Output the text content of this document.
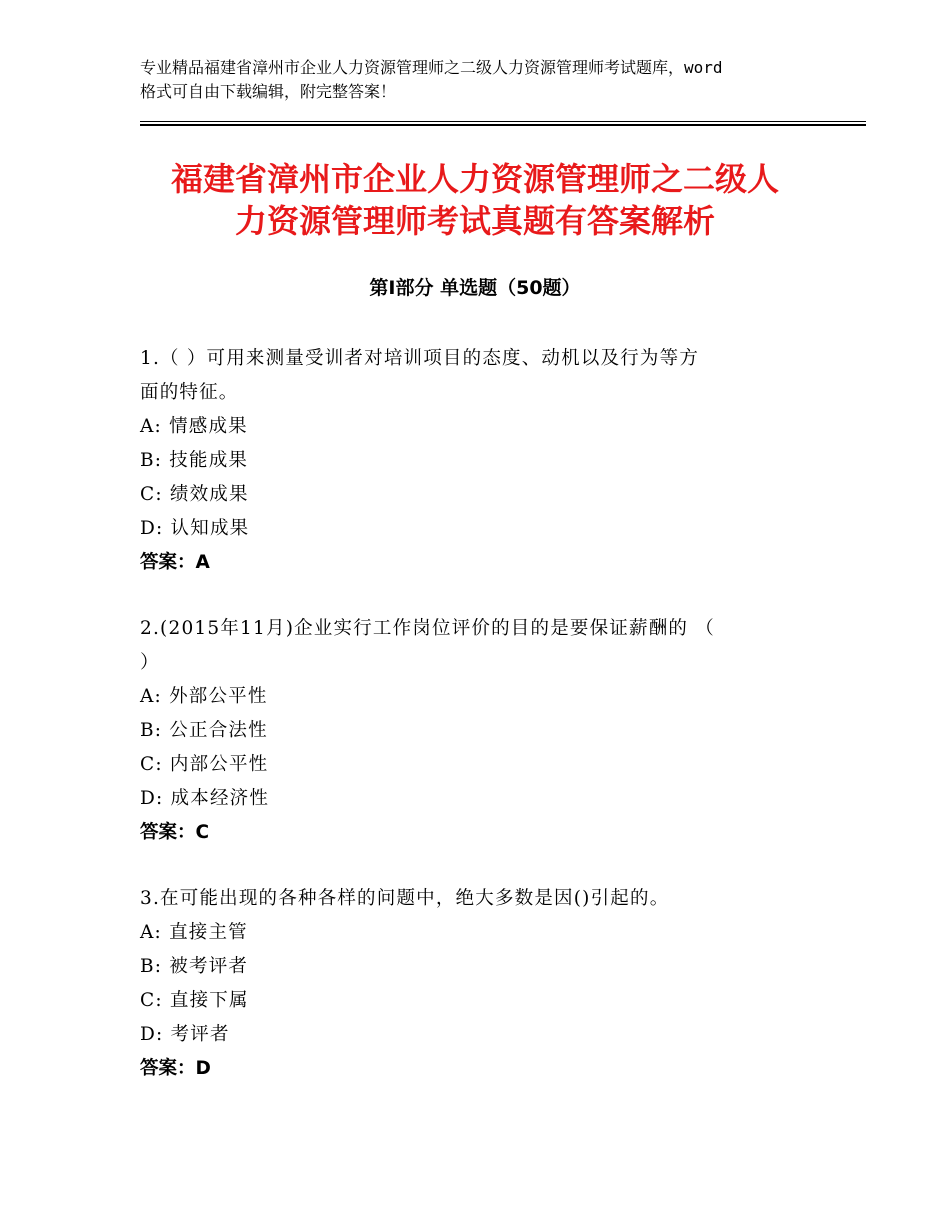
专业精品福建省漳州市企业人力资源管理师之二级人力资源管理师考试题库，word
格式可自由下载编辑，附完整答案！
福建省漳州市企业人力资源管理师之二级人
力资源管理师考试真题有答案解析
第Ⅰ部分 单选题（50题）
1.（ ）可用来测量受训者对培训项目的态度、动机以及行为等方
面的特征。
A: 情感成果
B: 技能成果
C: 绩效成果
D: 认知成果
答案：A
2.(2015年11月)企业实行工作岗位评价的目的是要保证薪酬的 （
）
A: 外部公平性
B: 公正合法性
C: 内部公平性
D: 成本经济性
答案：C
3.在可能出现的各种各样的问题中，绝大多数是因()引起的。
A: 直接主管
B: 被考评者
C: 直接下属
D: 考评者
答案：D
